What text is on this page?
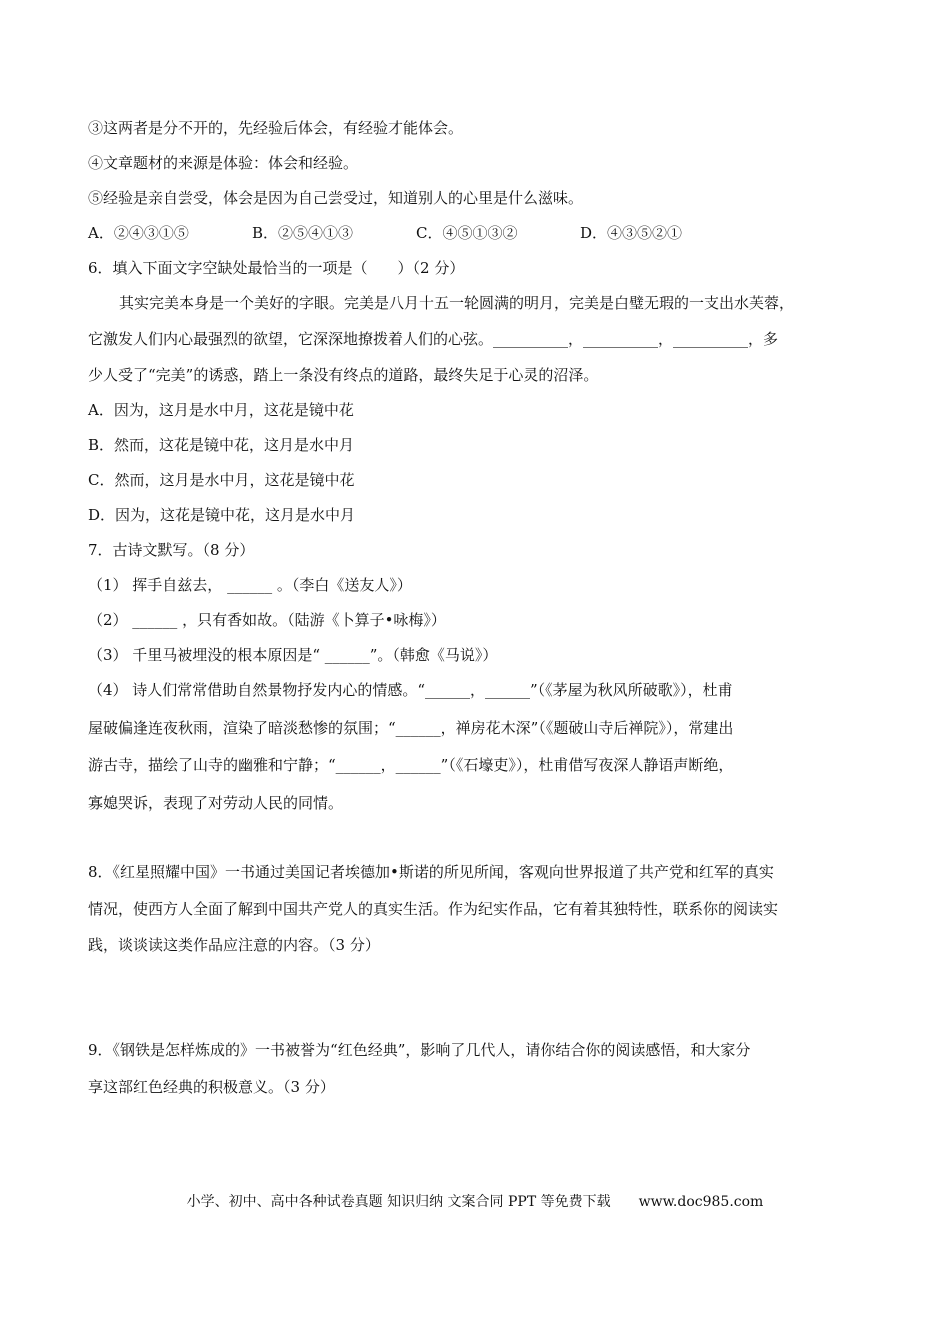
③这两者是分不开的，先经验后体会，有经验才能体会。
④文章题材的来源是体验：体会和经验。
⑤经验是亲自尝受，体会是因为自己尝受过，知道别人的心里是什么滋味。
A．②④③①⑤	B．②⑤④①③	C．④⑤①③②	D．④③⑤②①
6．填入下面文字空缺处最恰当的一项是（　　）（2 分）
其实完美本身是一个美好的字眼。完美是八月十五一轮圆满的明月，完美是白璧无瑕的一支出水芙蓉，
它激发人们内心最强烈的欲望，它深深地撩拨着人们的心弦。__________，__________，__________，多
少人受了“完美”的诱惑，踏上一条没有终点的道路，最终失足于心灵的沼泽。
A．因为，这月是水中月，这花是镜中花
B．然而，这花是镜中花，这月是水中月
C．然而，这月是水中月，这花是镜中花
D．因为，这花是镜中花，这月是水中月
7．古诗文默写。（8 分）
（1） 挥手自兹去， ______ 。（李白《送友人》）
（2） ______ ，只有香如故。（陆游《卜算子•咏梅》）
（3） 千里马被埋没的根本原因是“ ______”。（韩愈《马说》）
（4） 诗人们常常借助自然景物抒发内心的情感。“______，______”（《茅屋为秋风所破歌》），杜甫
屋破偏逢连夜秋雨，渲染了暗淡愁惨的氛围；“______，禅房花木深”（《题破山寺后禅院》），常建出
游古寺，描绘了山寺的幽雅和宁静；“______，______”（《石壕吏》），杜甫借写夜深人静语声断绝，
寡媳哭诉，表现了对劳动人民的同情。
8．《红星照耀中国》一书通过美国记者埃德加•斯诺的所见所闻，客观向世界报道了共产党和红军的真实
情况，使西方人全面了解到中国共产党人的真实生活。作为纪实作品，它有着其独特性，联系你的阅读实
践，谈谈读这类作品应注意的内容。（3 分）
9．《钢铁是怎样炼成的》一书被誉为“红色经典”，影响了几代人，请你结合你的阅读感悟，和大家分
享这部红色经典的积极意义。（3 分）
小学、初中、高中各种试卷真题 知识归纳 文案合同 PPT 等免费下载 www.doc985.com
